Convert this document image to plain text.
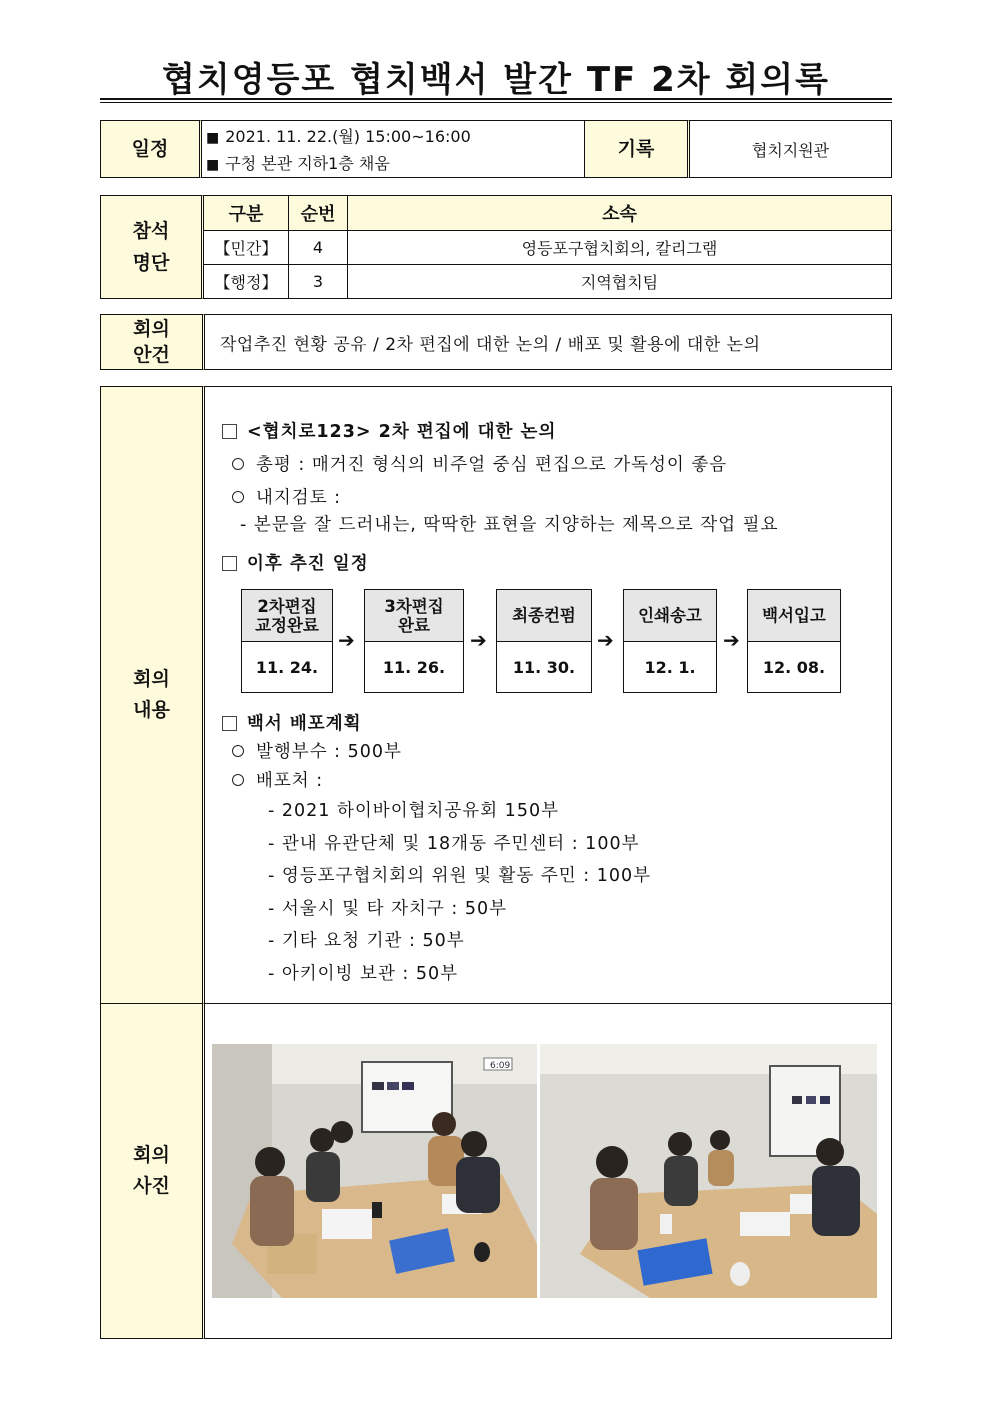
협치영등포 협치백서 발간 TF 2차 회의록
일정	■ 2021. 11. 22.(월) 15:00~16:00
■ 구청 본관 지하1층 채움
기록	협치지원관
참석 명단
구분	순번	소속
【민간】	4	영등포구협치회의, 칼리그램
【행정】	3	지역협치팀
회의 안건	작업추진 현황 공유 / 2차 편집에 대한 논의 / 배포 및 활용에 대한 논의
회의 내용
<협치로123> 2차 편집에 대한 논의
총평 : 매거진 형식의 비주얼 중심 편집으로 가독성이 좋음
내지검토 :
- 본문을 잘 드러내는, 딱딱한 표현을 지양하는 제목으로 작업 필요
이후 추진 일정
2차편집
교정완료
11. 24.
➔
3차편집
완료
11. 26.
➔
최종컨펌
11. 30.
➔
인쇄송고
12. 1.
➔
백서입고
12. 08.
백서 배포계획
발행부수 : 500부
배포처 :
- 2021 하이바이협치공유회 150부
- 관내 유관단체 및 18개동 주민센터 : 100부
- 영등포구협치회의 위원 및 활동 주민 : 100부
- 서울시 및 타 자치구 : 50부
- 기타 요청 기관 : 50부
- 아키이빙 보관 : 50부
회의 사진
6:09
